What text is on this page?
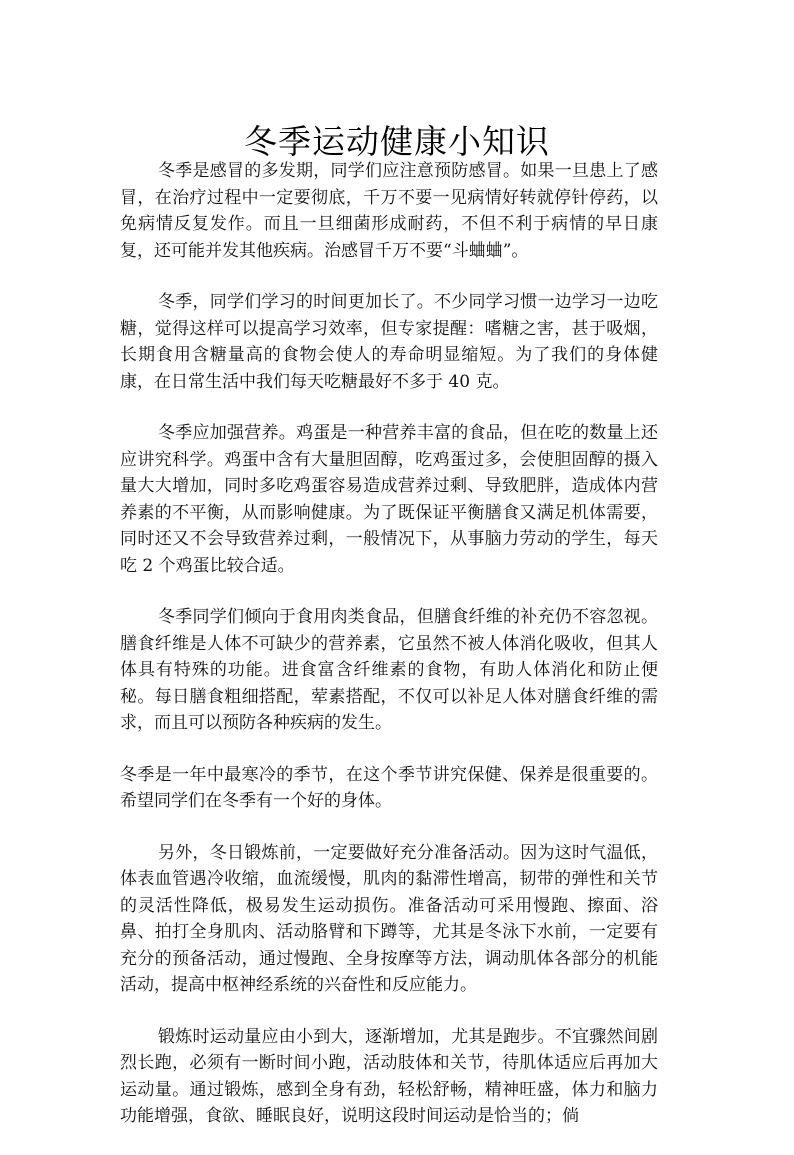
冬季运动健康小知识

冬季是感冒的多发期，同学们应注意预防感冒。如果一旦患上了感冒，在治疗过程中一定要彻底，千万不要一见病情好转就停针停药，以免病情反复发作。而且一旦细菌形成耐药，不但不利于病情的早日康复，还可能并发其他疾病。治感冒千万不要“斗蛐蛐”。

冬季，同学们学习的时间更加长了。不少同学习惯一边学习一边吃糖，觉得这样可以提高学习效率，但专家提醒：嗜糖之害，甚于吸烟，长期食用含糖量高的食物会使人的寿命明显缩短。为了我们的身体健康，在日常生活中我们每天吃糖最好不多于 40 克。

冬季应加强营养。鸡蛋是一种营养丰富的食品，但在吃的数量上还应讲究科学。鸡蛋中含有大量胆固醇，吃鸡蛋过多，会使胆固醇的摄入量大大增加，同时多吃鸡蛋容易造成营养过剩、导致肥胖，造成体内营养素的不平衡，从而影响健康。为了既保证平衡膳食又满足机体需要，同时还又不会导致营养过剩，一般情况下，从事脑力劳动的学生，每天吃 2 个鸡蛋比较合适。

冬季同学们倾向于食用肉类食品，但膳食纤维的补充仍不容忽视。膳食纤维是人体不可缺少的营养素，它虽然不被人体消化吸收，但其人体具有特殊的功能。进食富含纤维素的食物，有助人体消化和防止便秘。每日膳食粗细搭配，荤素搭配，不仅可以补足人体对膳食纤维的需求，而且可以预防各种疾病的发生。

冬季是一年中最寒冷的季节，在这个季节讲究保健、保养是很重要的。希望同学们在冬季有一个好的身体。

另外，冬日锻炼前，一定要做好充分准备活动。因为这时气温低，体表血管遇冷收缩，血流缓慢，肌肉的黏滞性增高，韧带的弹性和关节的灵活性降低，极易发生运动损伤。准备活动可采用慢跑、擦面、浴鼻、拍打全身肌肉、活动胳臂和下蹲等，尤其是冬泳下水前，一定要有充分的预备活动，通过慢跑、全身按摩等方法，调动肌体各部分的机能活动，提高中枢神经系统的兴奋性和反应能力。

锻炼时运动量应由小到大，逐渐增加，尤其是跑步。不宜骤然间剧烈长跑，必须有一断时间小跑，活动肢体和关节，待肌体适应后再加大运动量。通过锻炼，感到全身有劲，轻松舒畅，精神旺盛，体力和脑力功能增强，食欲、睡眠良好，说明这段时间运动是恰当的；倘
